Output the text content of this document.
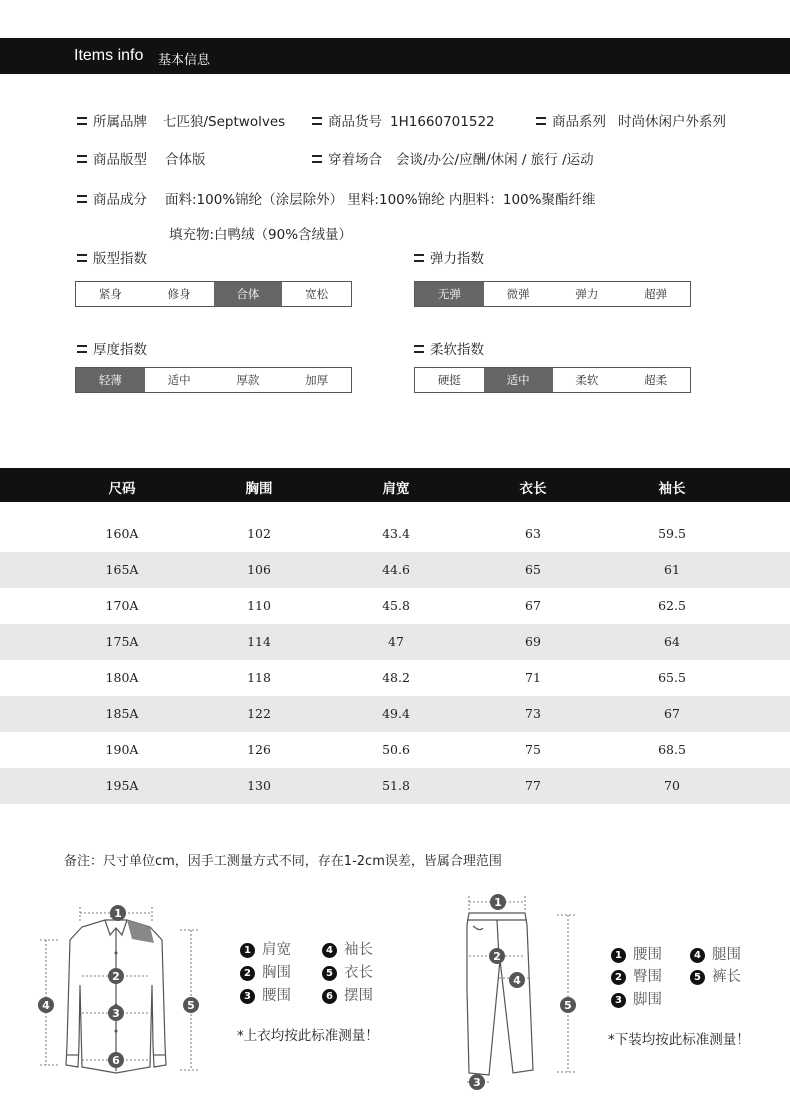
Items info 基本信息
所属品牌 七匹狼/Septwolves	商品货号 1H1660701522	商品系列 时尚休闲户外系列
商品版型 合体版	穿着场合 会谈/办公/应酬/休闲 / 旅行 /运动
商品成分 面料:100%锦纶（涂层除外） 里料:100%锦纶 内胆料：100%聚酯纤维
填充物:白鸭绒（90%含绒量）
版型指数
紧身	修身	合体	宽松
弹力指数
无弹	微弹	弹力	超弹
厚度指数
轻薄	适中	厚款	加厚
柔软指数
硬挺	适中	柔软	超柔
尺码	胸围	肩宽	衣长	袖长
160A	102	43.4	63	59.5
165A	106	44.6	65	61
170A	110	45.8	67	62.5
175A	114	47	69	64
180A	118	48.2	71	65.5
185A	122	49.4	73	67
190A	126	50.6	75	68.5
195A	130	51.8	77	70
备注：尺寸单位cm，因手工测量方式不同，存在1-2cm误差，皆属合理范围
1
2
3
4	5
6
1 肩宽	4 袖长
2 胸围	5 衣长
3 腰围	6 摆围
*上衣均按此标准测量！
1
2
3
4
5
1 腰围	4 腿围
2 臀围	5 裤长
3 脚围
*下装均按此标准测量！
